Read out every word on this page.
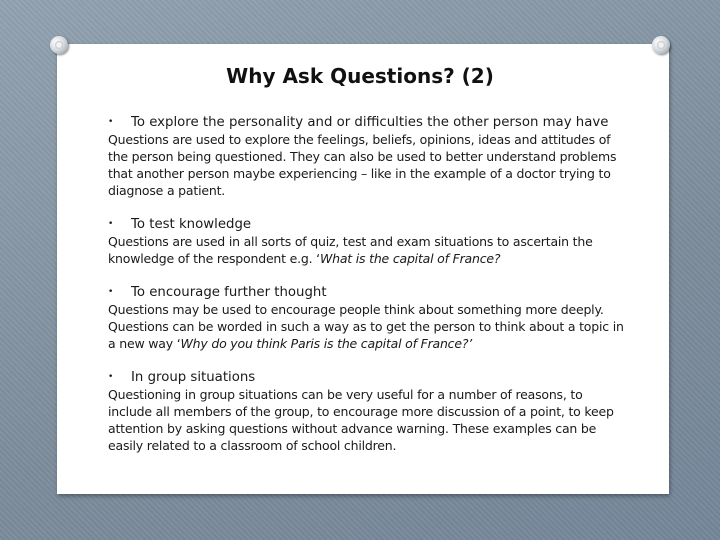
Why Ask Questions? (2)
• To explore the personality and or difficulties the other person may have

Questions are used to explore the feelings, beliefs, opinions, ideas and attitudes of the person being questioned. They can also be used to better understand problems that another person maybe experiencing – like in the example of a doctor trying to diagnose a patient.

• To test knowledge

Questions are used in all sorts of quiz, test and exam situations to ascertain the knowledge of the respondent e.g. ‘What is the capital of France?

• To encourage further thought

Questions may be used to encourage people think about something more deeply. Questions can be worded in such a way as to get the person to think about a topic in a new way ‘Why do you think Paris is the capital of France?’

• In group situations

Questioning in group situations can be very useful for a number of reasons, to include all members of the group, to encourage more discussion of a point, to keep attention by asking questions without advance warning. These examples can be easily related to a classroom of school children.
